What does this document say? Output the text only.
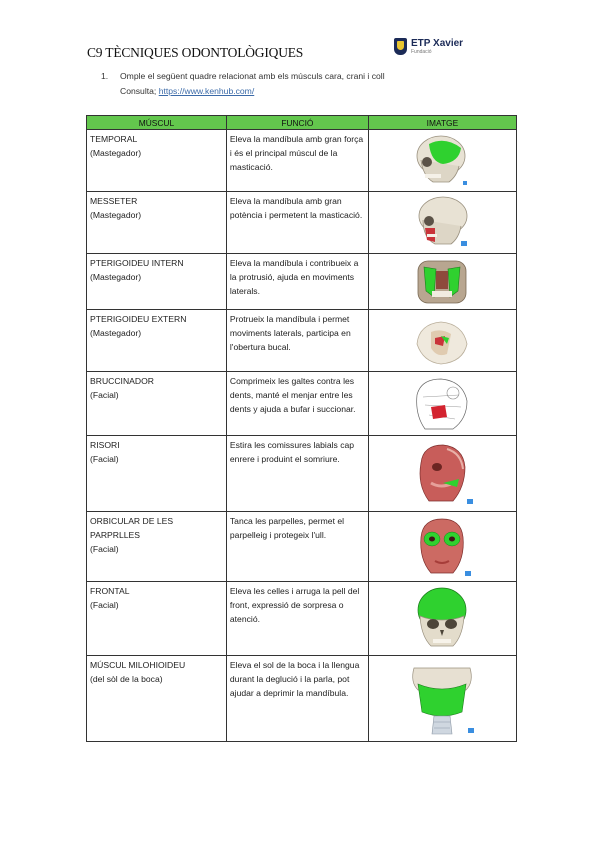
C9 TÈCNIQUES ODONTOLÒGIQUES
ETP Xavier
Fundació
1. Omple el següent quadre relacionat amb els músculs cara, crani i coll
Consulta; https://www.kenhub.com/
MÚSCUL	FUNCIÓ	IMATGE

TEMPORAL
(Mastegador)	Eleva la mandíbula amb gran força i és el principal múscul de la masticació.	

MESSETER
(Mastegador)	Eleva la mandíbula amb gran potència i permetent la masticació.	

PTERIGOIDEU INTERN
(Mastegador)	Eleva la mandíbula i contribueix a la protrusió, ajuda en moviments laterals.	

PTERIGOIDEU EXTERN
(Mastegador)	Protrueix la mandíbula i permet moviments laterals, participa en l'obertura bucal.	

BRUCCINADOR
(Facial)	Comprimeix les galtes contra les dents, manté el menjar entre les dents y ajuda a bufar i succionar.	

RISORI
(Facial)	Estira les comissures labials cap enrere i produint el somriure.	

ORBICULAR DE LES PARPRLLES
(Facial)	Tanca les parpelles, permet el parpelleig i protegeix l'ull.	

FRONTAL
(Facial)	Eleva les celles i arruga la pell del front, expressió de sorpresa o atenció.	

MÚSCUL MILOHIOIDEU
(del sòl de la boca)	Eleva el sol de la boca i la llengua durant la deglució i la parla, pot ajudar a deprimir la mandíbula.	
